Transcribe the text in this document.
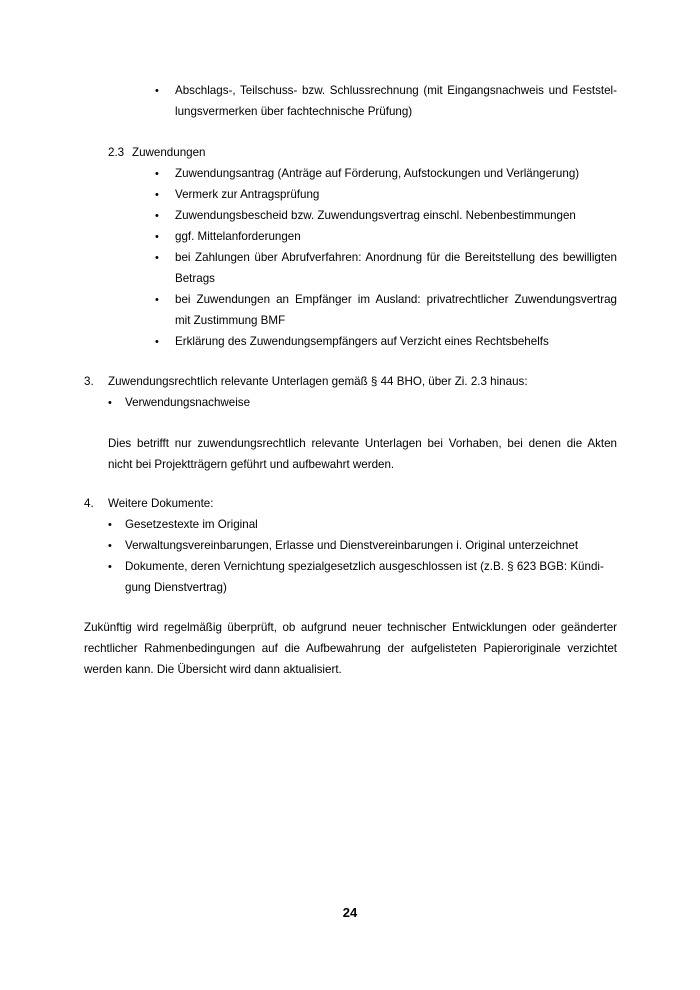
• Abschlags-, Teilschuss- bzw. Schlussrechnung (mit Eingangsnachweis und Feststel-
lungsvermerken über fachtechnische Prüfung)
2.3 Zuwendungen
• Zuwendungsantrag (Anträge auf Förderung, Aufstockungen und Verlängerung)
• Vermerk zur Antragsprüfung
• Zuwendungsbescheid bzw. Zuwendungsvertrag einschl. Nebenbestimmungen
• ggf. Mittelanforderungen
• bei Zahlungen über Abrufverfahren: Anordnung für die Bereitstellung des bewilligten
Betrags
• bei Zuwendungen an Empfänger im Ausland: privatrechtlicher Zuwendungsvertrag
mit Zustimmung BMF
• Erklärung des Zuwendungsempfängers auf Verzicht eines Rechtsbehelfs
3. Zuwendungsrechtlich relevante Unterlagen gemäß § 44 BHO, über Zi. 2.3 hinaus:
• Verwendungsnachweise
Dies betrifft nur zuwendungsrechtlich relevante Unterlagen bei Vorhaben, bei denen die Akten
nicht bei Projektträgern geführt und aufbewahrt werden.
4. Weitere Dokumente:
• Gesetzestexte im Original
• Verwaltungsvereinbarungen, Erlasse und Dienstvereinbarungen i. Original unterzeichnet
• Dokumente, deren Vernichtung spezialgesetzlich ausgeschlossen ist (z.B. § 623 BGB: Kündi-
gung Dienstvertrag)
Zukünftig wird regelmäßig überprüft, ob aufgrund neuer technischer Entwicklungen oder geänderter
rechtlicher Rahmenbedingungen auf die Aufbewahrung der aufgelisteten Papieroriginale verzichtet
werden kann. Die Übersicht wird dann aktualisiert.
24
